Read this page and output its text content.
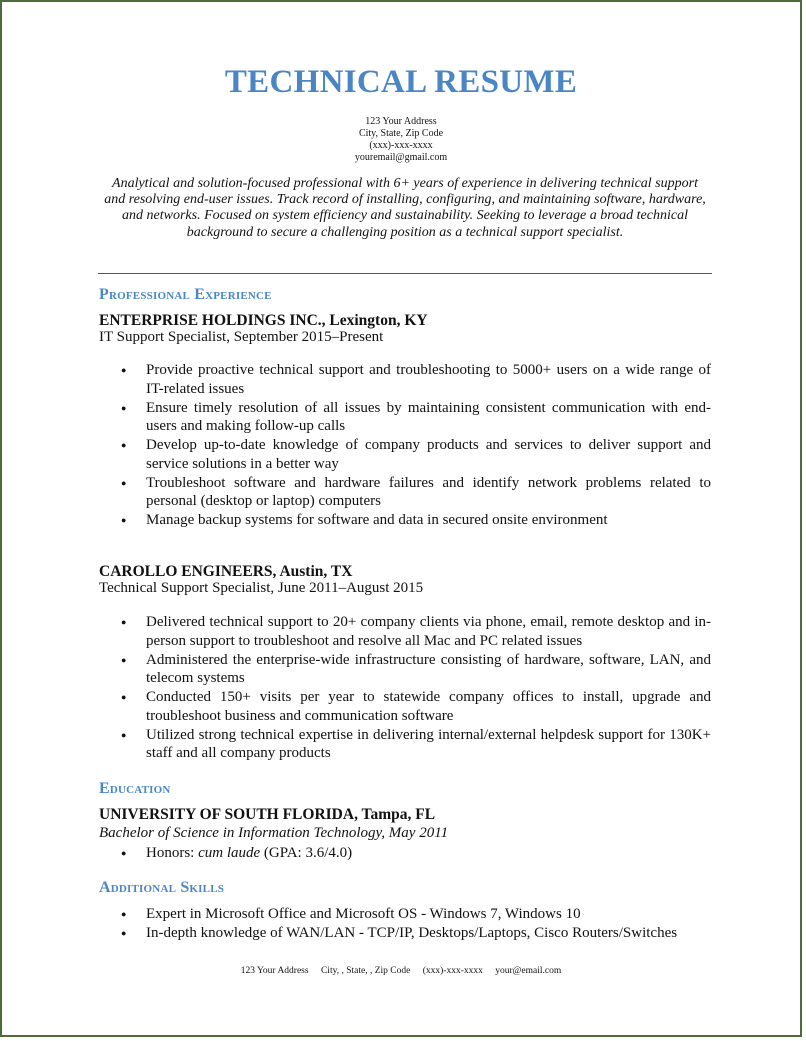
TECHNICAL RESUME
123 Your Address
City, State, Zip Code
(xxx)-xxx-xxxx
youremail@gmail.com
Analytical and solution-focused professional with 6+ years of experience in delivering technical support and resolving end-user issues. Track record of installing, configuring, and maintaining software, hardware, and networks. Focused on system efficiency and sustainability. Seeking to leverage a broad technical background to secure a challenging position as a technical support specialist.
Professional Experience
ENTERPRISE HOLDINGS INC., Lexington, KY
IT Support Specialist, September 2015–Present
● Provide proactive technical support and troubleshooting to 5000+ users on a wide range of IT-related issues
● Ensure timely resolution of all issues by maintaining consistent communication with end-users and making follow-up calls
● Develop up-to-date knowledge of company products and services to deliver support and service solutions in a better way
● Troubleshoot software and hardware failures and identify network problems related to personal (desktop or laptop) computers
● Manage backup systems for software and data in secured onsite environment
CAROLLO ENGINEERS, Austin, TX
Technical Support Specialist, June 2011–August 2015
● Delivered technical support to 20+ company clients via phone, email, remote desktop and in-person support to troubleshoot and resolve all Mac and PC related issues
● Administered the enterprise-wide infrastructure consisting of hardware, software, LAN, and telecom systems
● Conducted 150+ visits per year to statewide company offices to install, upgrade and troubleshoot business and communication software
● Utilized strong technical expertise in delivering internal/external helpdesk support for 130K+ staff and all company products
Education
UNIVERSITY OF SOUTH FLORIDA, Tampa, FL
Bachelor of Science in Information Technology, May 2011
● Honors: cum laude (GPA: 3.6/4.0)
Additional Skills
● Expert in Microsoft Office and Microsoft OS - Windows 7, Windows 10
● In-depth knowledge of WAN/LAN - TCP/IP, Desktops/Laptops, Cisco Routers/Switches
123 Your Address City, , State, , Zip Code (xxx)-xxx-xxxx your@email.com
